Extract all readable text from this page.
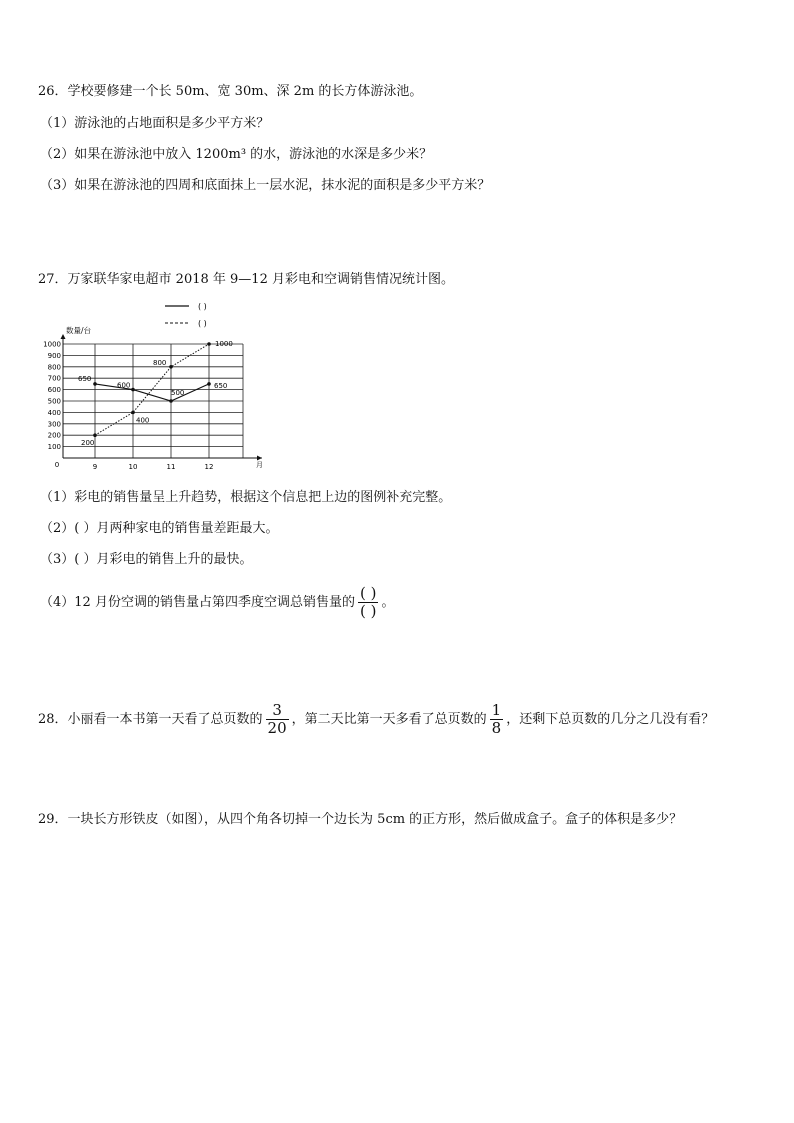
26．学校要修建一个长 50m、宽 30m、深 2m 的长方体游泳池。
（1）游泳池的占地面积是多少平方米？
（2）如果在游泳池中放入 1200m³ 的水，游泳池的水深是多少米？
（3）如果在游泳池的四周和底面抹上一层水泥，抹水泥的面积是多少平方米？
27．万家联华家电超市 2018 年 9—12 月彩电和空调销售情况统计图。
( )
( )
数量/台
100
200
300
400
500
600
700
800
900
1000
9	10	11	12
0	月
650
600
500
650
200
400
800
1000
（1）彩电的销售量呈上升趋势，根据这个信息把上边的图例补充完整。
（2）( ）月两种家电的销售量差距最大。
（3）( ）月彩电的销售上升的最快。
（4）12 月份空调的销售量占第四季度空调总销售量的 $\frac{( )}{( )}$ 。
28．小丽看一本书第一天看了总页数的 $\frac{3}{20}$ ，第二天比第一天多看了总页数的 $\frac{1}{8}$ ，还剩下总页数的几分之几没有看？
29．一块长方形铁皮（如图），从四个角各切掉一个边长为 5cm 的正方形，然后做成盒子。盒子的体积是多少？
